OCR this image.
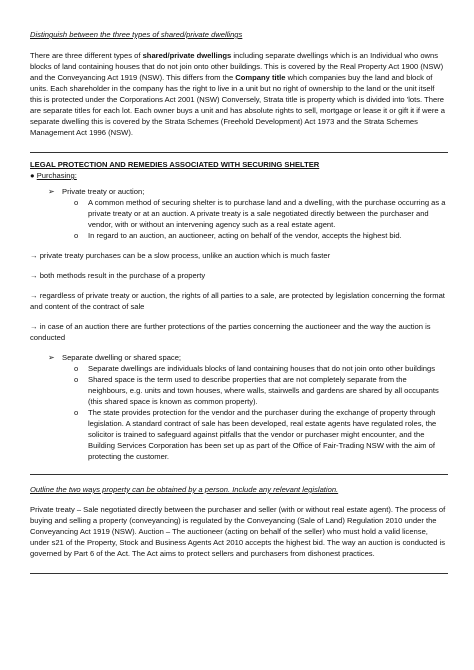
Distinguish between the three types of shared/private dwellings
There are three different types of shared/private dwellings including separate dwellings which is an Individual who owns blocks of land containing houses that do not join onto other buildings. This is covered by the Real Property Act 1900 (NSW) and the Conveyancing Act 1919 (NSW). This differs from the Company title which companies buy the land and block of units. Each shareholder in the company has the right to live in a unit but no right of ownership to the land or the unit itself this is protected under the Corporations Act 2001 (NSW) Conversely, Strata title is property which is divided into 'lots. There are separate titles for each lot. Each owner buys a unit and has absolute rights to sell, mortgage or lease it or gift it if were a separate dwelling this is covered by the Strata Schemes (Freehold Development) Act 1973 and the Strata Schemes Management Act 1996 (NSW).
LEGAL PROTECTION AND REMEDIES ASSOCIATED WITH SECURING SHELTER
● Purchasing:
➢ Private treaty or auction;
o	A common method of securing shelter is to purchase land and a dwelling, with the purchase occurring as a private treaty or at an auction. A private treaty is a sale negotiated directly between the purchaser and vendor, with or without an intervening agency such as a real estate agent.
o	In regard to an auction, an auctioneer, acting on behalf of the vendor, accepts the highest bid.
→ private treaty purchases can be a slow process, unlike an auction which is much faster
→ both methods result in the purchase of a property
→ regardless of private treaty or auction, the rights of all parties to a sale, are protected by legislation concerning the format and content of the contract of sale
→ in case of an auction there are further protections of the parties concerning the auctioneer and the way the auction is conducted
➢ Separate dwelling or shared space;
o	Separate dwellings are individuals blocks of land containing houses that do not join onto other buildings
o	Shared space is the term used to describe properties that are not completely separate from the neighbours, e.g. units and town houses, where walls, stairwells and gardens are shared by all occupants (this shared space is known as common property).
o	The state provides protection for the vendor and the purchaser during the exchange of property through legislation. A standard contract of sale has been developed, real estate agents have regulated roles, the solicitor is trained to safeguard against pitfalls that the vendor or purchaser might encounter, and the Building Services Corporation has been set up as part of the Office of Fair-Trading NSW with the aim of protecting the customer.
Outline the two ways property can be obtained by a person. Include any relevant legislation.
Private treaty – Sale negotiated directly between the purchaser and seller (with or without real estate agent). The process of buying and selling a property (conveyancing) is regulated by the Conveyancing (Sale of Land) Regulation 2010 under the Conveyancing Act 1919 (NSW). Auction – The auctioneer (acting on behalf of the seller) who must hold a valid license, under s21 of the Property, Stock and Business Agents Act 2010 accepts the highest bid. The way an auction is conducted is governed by Part 6 of the Act. The Act aims to protect sellers and purchasers from dishonest practices.
